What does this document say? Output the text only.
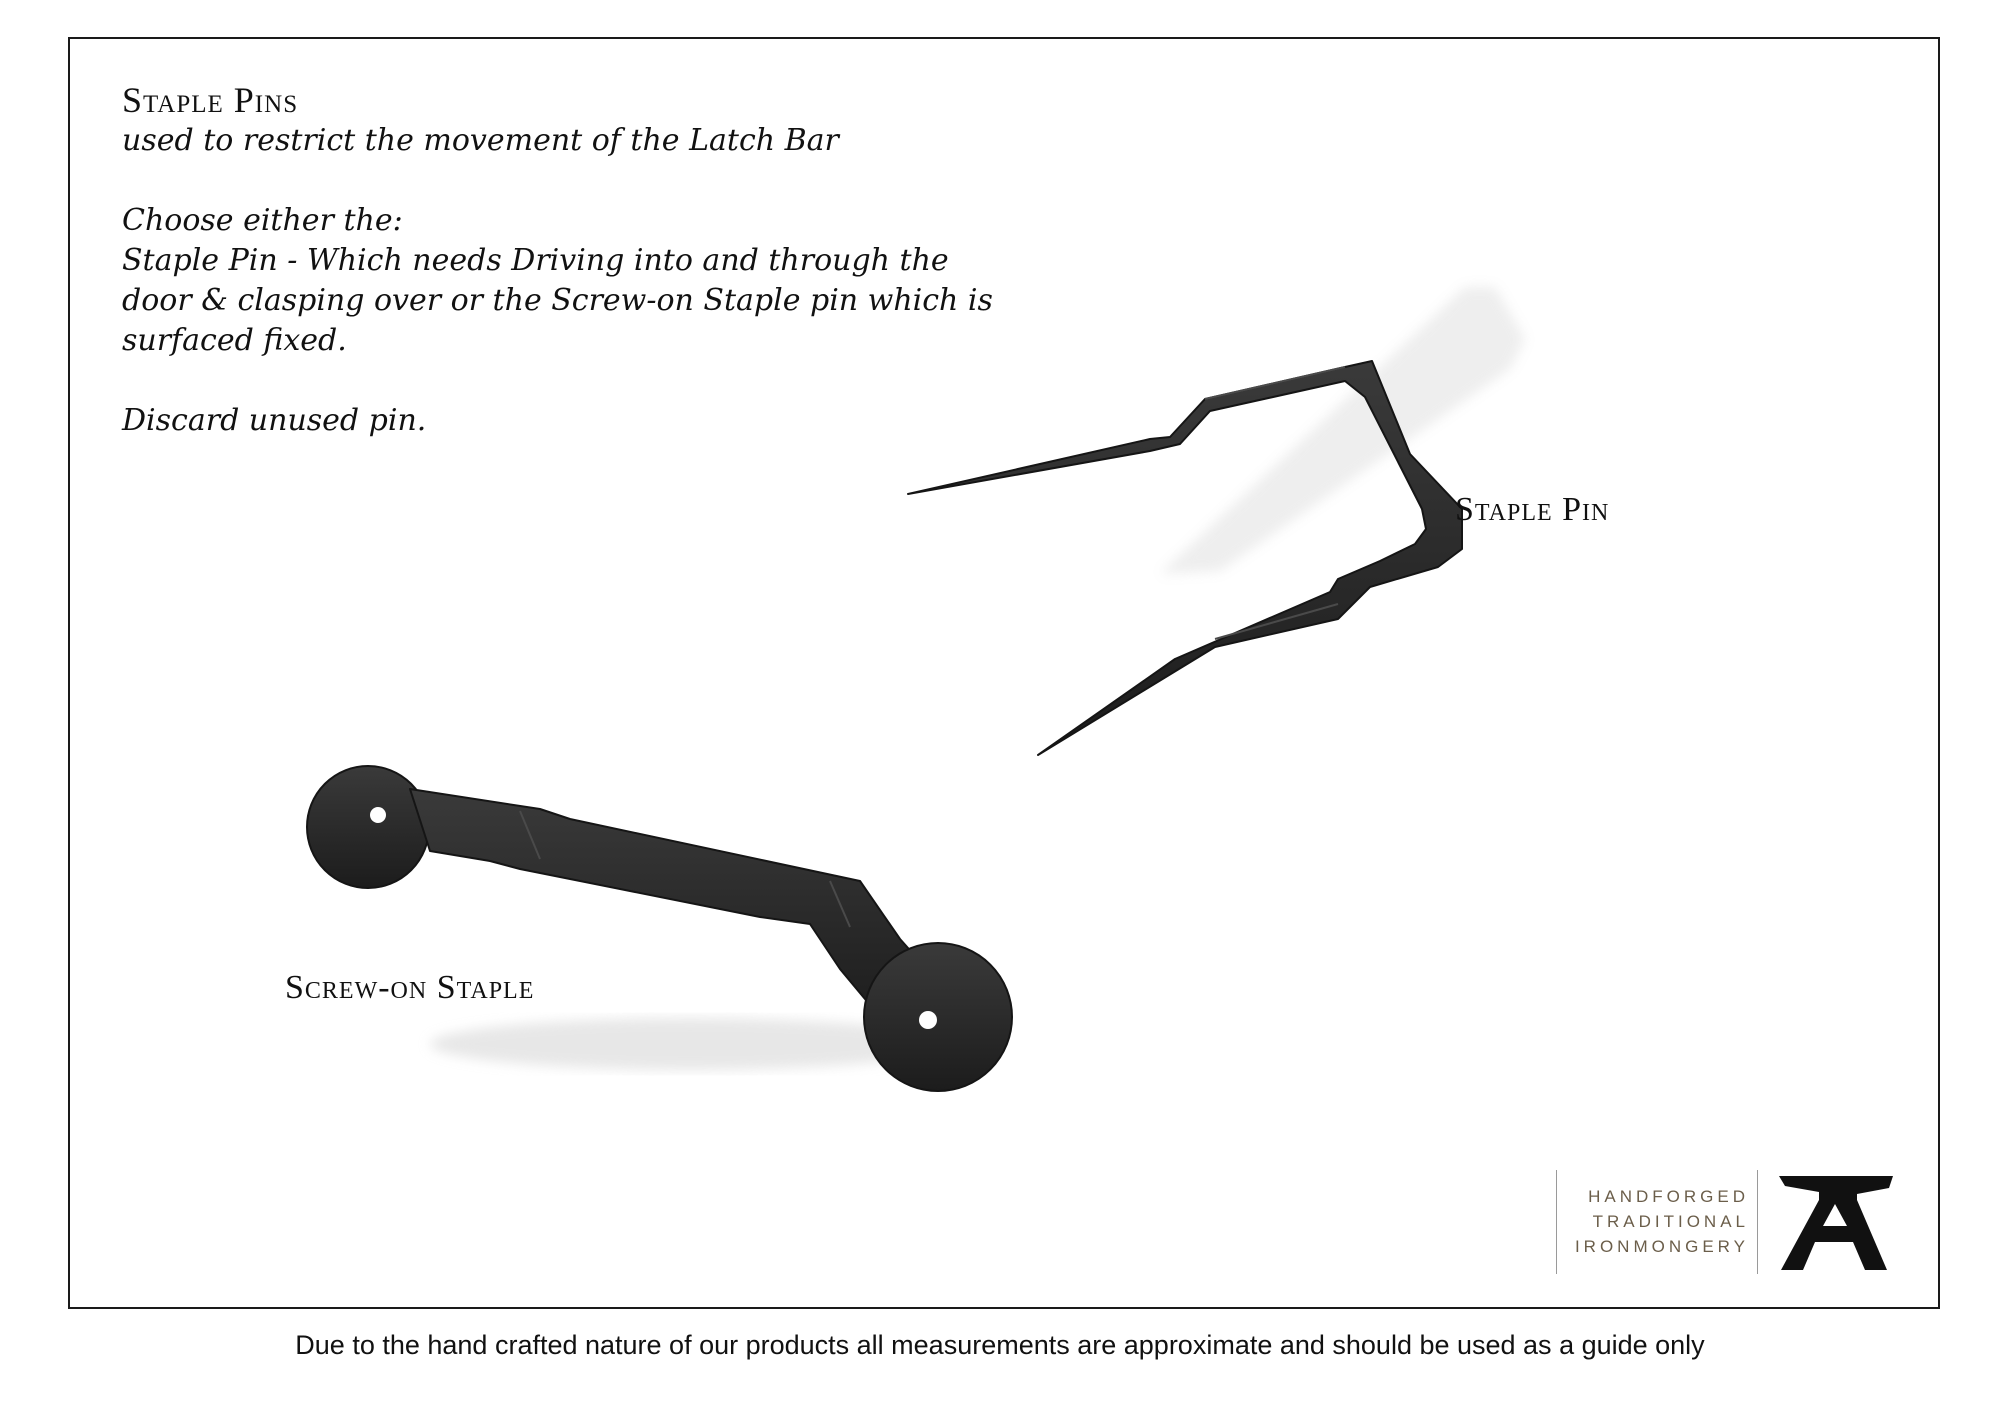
Staple Pins

used to restrict the movement of the Latch Bar

Choose either the:
Staple Pin - Which needs Driving into and through the
door & clasping over or the Screw-on Staple pin which is
surfaced fixed.

Discard unused pin.

Staple Pin
Screw-on Staple
HANDFORGED
TRADITIONAL
IRONMONGERY
Due to the hand crafted nature of our products all measurements are approximate and should be used as a guide only
